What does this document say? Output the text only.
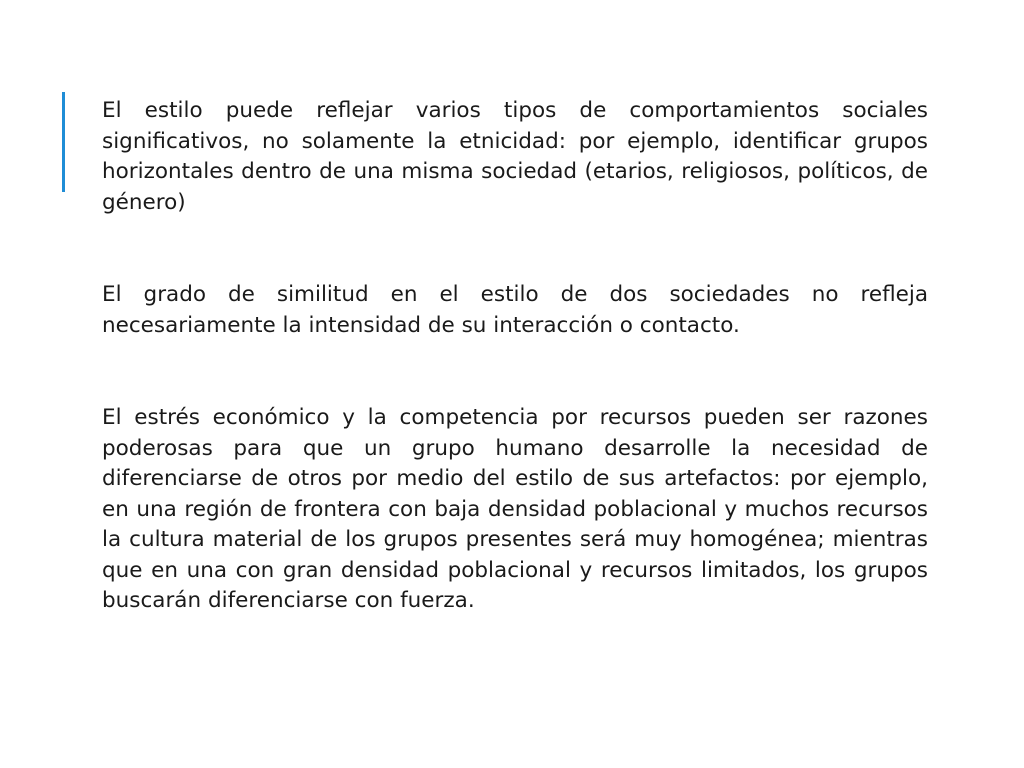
El estilo puede reflejar varios tipos de comportamientos sociales significativos, no solamente la etnicidad: por ejemplo, identificar grupos horizontales dentro de una misma sociedad (etarios, religiosos, políticos, de género)

El grado de similitud en el estilo de dos sociedades no refleja necesariamente la intensidad de su interacción o contacto.

El estrés económico y la competencia por recursos pueden ser razones poderosas para que un grupo humano desarrolle la necesidad de diferenciarse de otros por medio del estilo de sus artefactos: por ejemplo, en una región de frontera con baja densidad poblacional y muchos recursos la cultura material de los grupos presentes será muy homogénea; mientras que en una con gran densidad poblacional y recursos limitados, los grupos buscarán diferenciarse con fuerza.
